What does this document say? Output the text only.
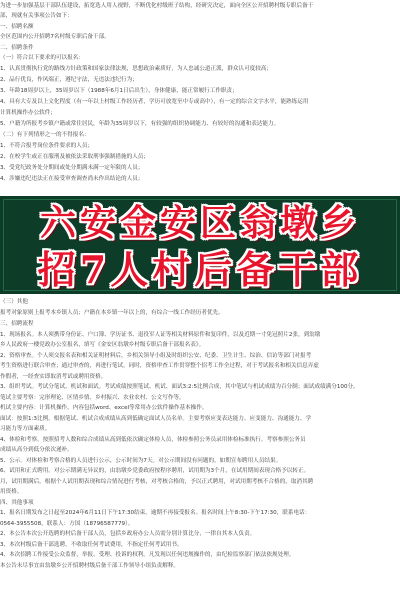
为进一步加强基层干部队伍建设，拓宽选人用人视野，不断优化村级班子结构，经研究决定，面向全区公开招聘村级专职后备干
部，现就有关事项公告如下：
一、招聘名额
全区范围内公开招聘7名村级专职后备干部。
二、招聘条件
（一）符合以下要求的可以报名：
1、认真贯彻执行党的路线方针政策和国家法律法规，思想政治素质好，为人忠诚公道正派，群众认可度较高；
2、品行优良，作风端正，遵纪守法，无违法违纪行为；
3、年龄18周岁以上，35周岁以下（1988年6月1日后出生），身体健康，能正常履行工作职责；
4、具有大专及以上文化程度（有一年以上村级工作经历者，学历可放宽至中专或高中），有一定的综合文字水平，能熟练运用
计算机操作办公软件；
5、户籍为所报考乡镇户籍或常住居民，年龄为35周岁以下，有较强的组织协调能力、有较好的沟通和表达能力。
（二）有下列情形之一的不得报名：
1、不符合报考岗位条件要求的人员；
2、在校学生或正在服刑及被依法采取刑事强制措施的人员；
3、受党纪政务处分期间或处分期满未满一定年限的人员；
4、涉嫌违纪违法正在接受审查调查尚未作出结论的人员；
六安金安区翁墩乡
招7人村后备干部
（三）其他
报考对象原则上报考本乡镇人员；户籍在本乡镇一年以上的，有综合一线工作经历者优先。
三、招聘流程
1、现场报名。本人须携带身份证、户口簿、学历证书、退役军人证等相关材料原件和复印件，以及近期一寸免冠照片2张，到翁墩
乡人民政府一楼党政办公室报名，填写《金安区翁墩乡村级专职后备干部报名表》。
2、资格审查。个人须交报名表和相关证明材料后，乡相关领导小组及时组织公安、纪委、卫生计生、综治、信访等部门对报考
考生资格进行联合审查；通过审查的，再进行笔试。同时，资格审查工作贯穿整个招考工作全过程，对于考试报名和相关信息弄虚
作假者，一经查实即取消考试或聘用资格。
3、组织考试。考试分笔试、机试和面试。考试成绩按照笔试、机试、面试3:2:5比例合成，其中笔试与机试成绩为百分制；面试成绩满分100分，
笔试主要考察：完形理论、区情乡情、乡村振兴、农业农村、公文写作等。
机试主要内容：计算机操作，内容包括word、excel等常用办公软件操作基本操作。
面试：按照1:3比例，根据笔试、机试合成成绩从高到低确定面试人员名单。主要考察应变表达能力、应变能力、沟通能力、学
习能力等方面素质。
4、体检和考察。按照招考人数和综合成绩从高到低依次确定体检人员，体检参照公务员录用体检标准执行。考察参照公务员
成绩从高分到低分依次递补。
5、公示。对体检和考察合格的人员进行公示，公示时间为7天。对公示期间没有问题的，如期宣布聘用人员结果。
6、试用和正式聘用。对公示期满无异议的，由翁墩乡党委政府按程序聘用，试用期为3个月，在试用期间表现合格予以转正。
月，试用期满后，根据个人试用期表现和综合情况进行考核，对考核合格的，予以正式聘用，对试用期考核不合格的，取消其聘
用资格。
四、其他事项
1、报名日期发布之日起至2024年6月11日下午17:30结束。逾期不再接受报名。报名时间上午8:30-下午17:30，联系电话：
0564-3955508，联系人：方国（18796587779）。
2、本公告本次公开选聘的村后备干部人员，包括乡政府办公人员需分别计算比分，一律自其本人负责。
3、本次村级后备干部选聘，不收取任何考试费用，不指定任何考试用书。
4、本次招聘工作接受公众监督，举报、受理、投诉的权利。凡发现以任何违规操作的，由纪检监察部门依法依规处理。
本公告未尽事宜由翁墩乡公开招聘村级后备干部工作领导小组负责解释。
